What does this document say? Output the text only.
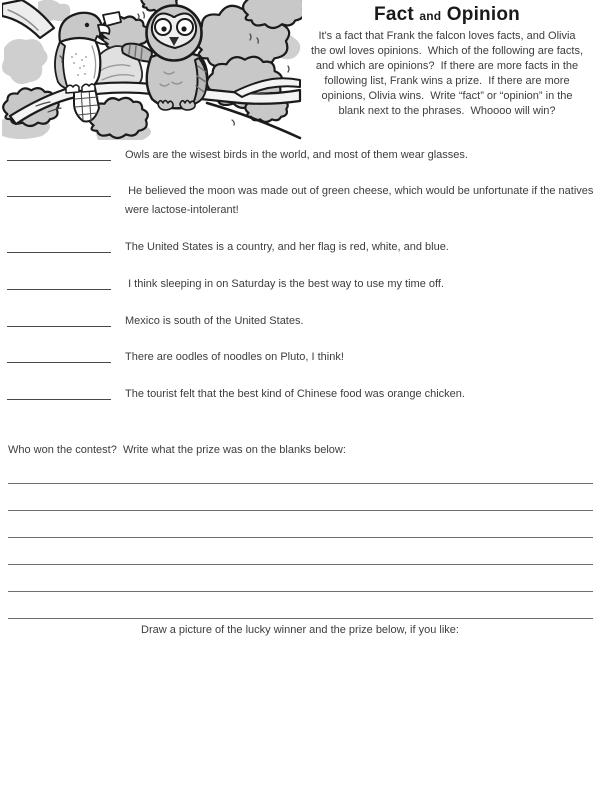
Fact and Opinion
It's a fact that Frank the falcon loves facts, and Olivia
the owl loves opinions.  Which of the following are facts,
and which are opinions?  If there are more facts in the
following list, Frank wins a prize.  If there are more
opinions, Olivia wins.  Write “fact” or “opinion” in the
blank next to the phrases.  Whoooo will win?
Owls are the wisest birds in the world, and most of them wear glasses.
He believed the moon was made out of green cheese, which would be unfortunate if the natives were lactose-intolerant!
The United States is a country, and her flag is red, white, and blue.
I think sleeping in on Saturday is the best way to use my time off.
Mexico is south of the United States.
There are oodles of noodles on Pluto, I think!
The tourist felt that the best kind of Chinese food was orange chicken.
Who won the contest?  Write what the prize was on the blanks below:
Draw a picture of the lucky winner and the prize below, if you like:
